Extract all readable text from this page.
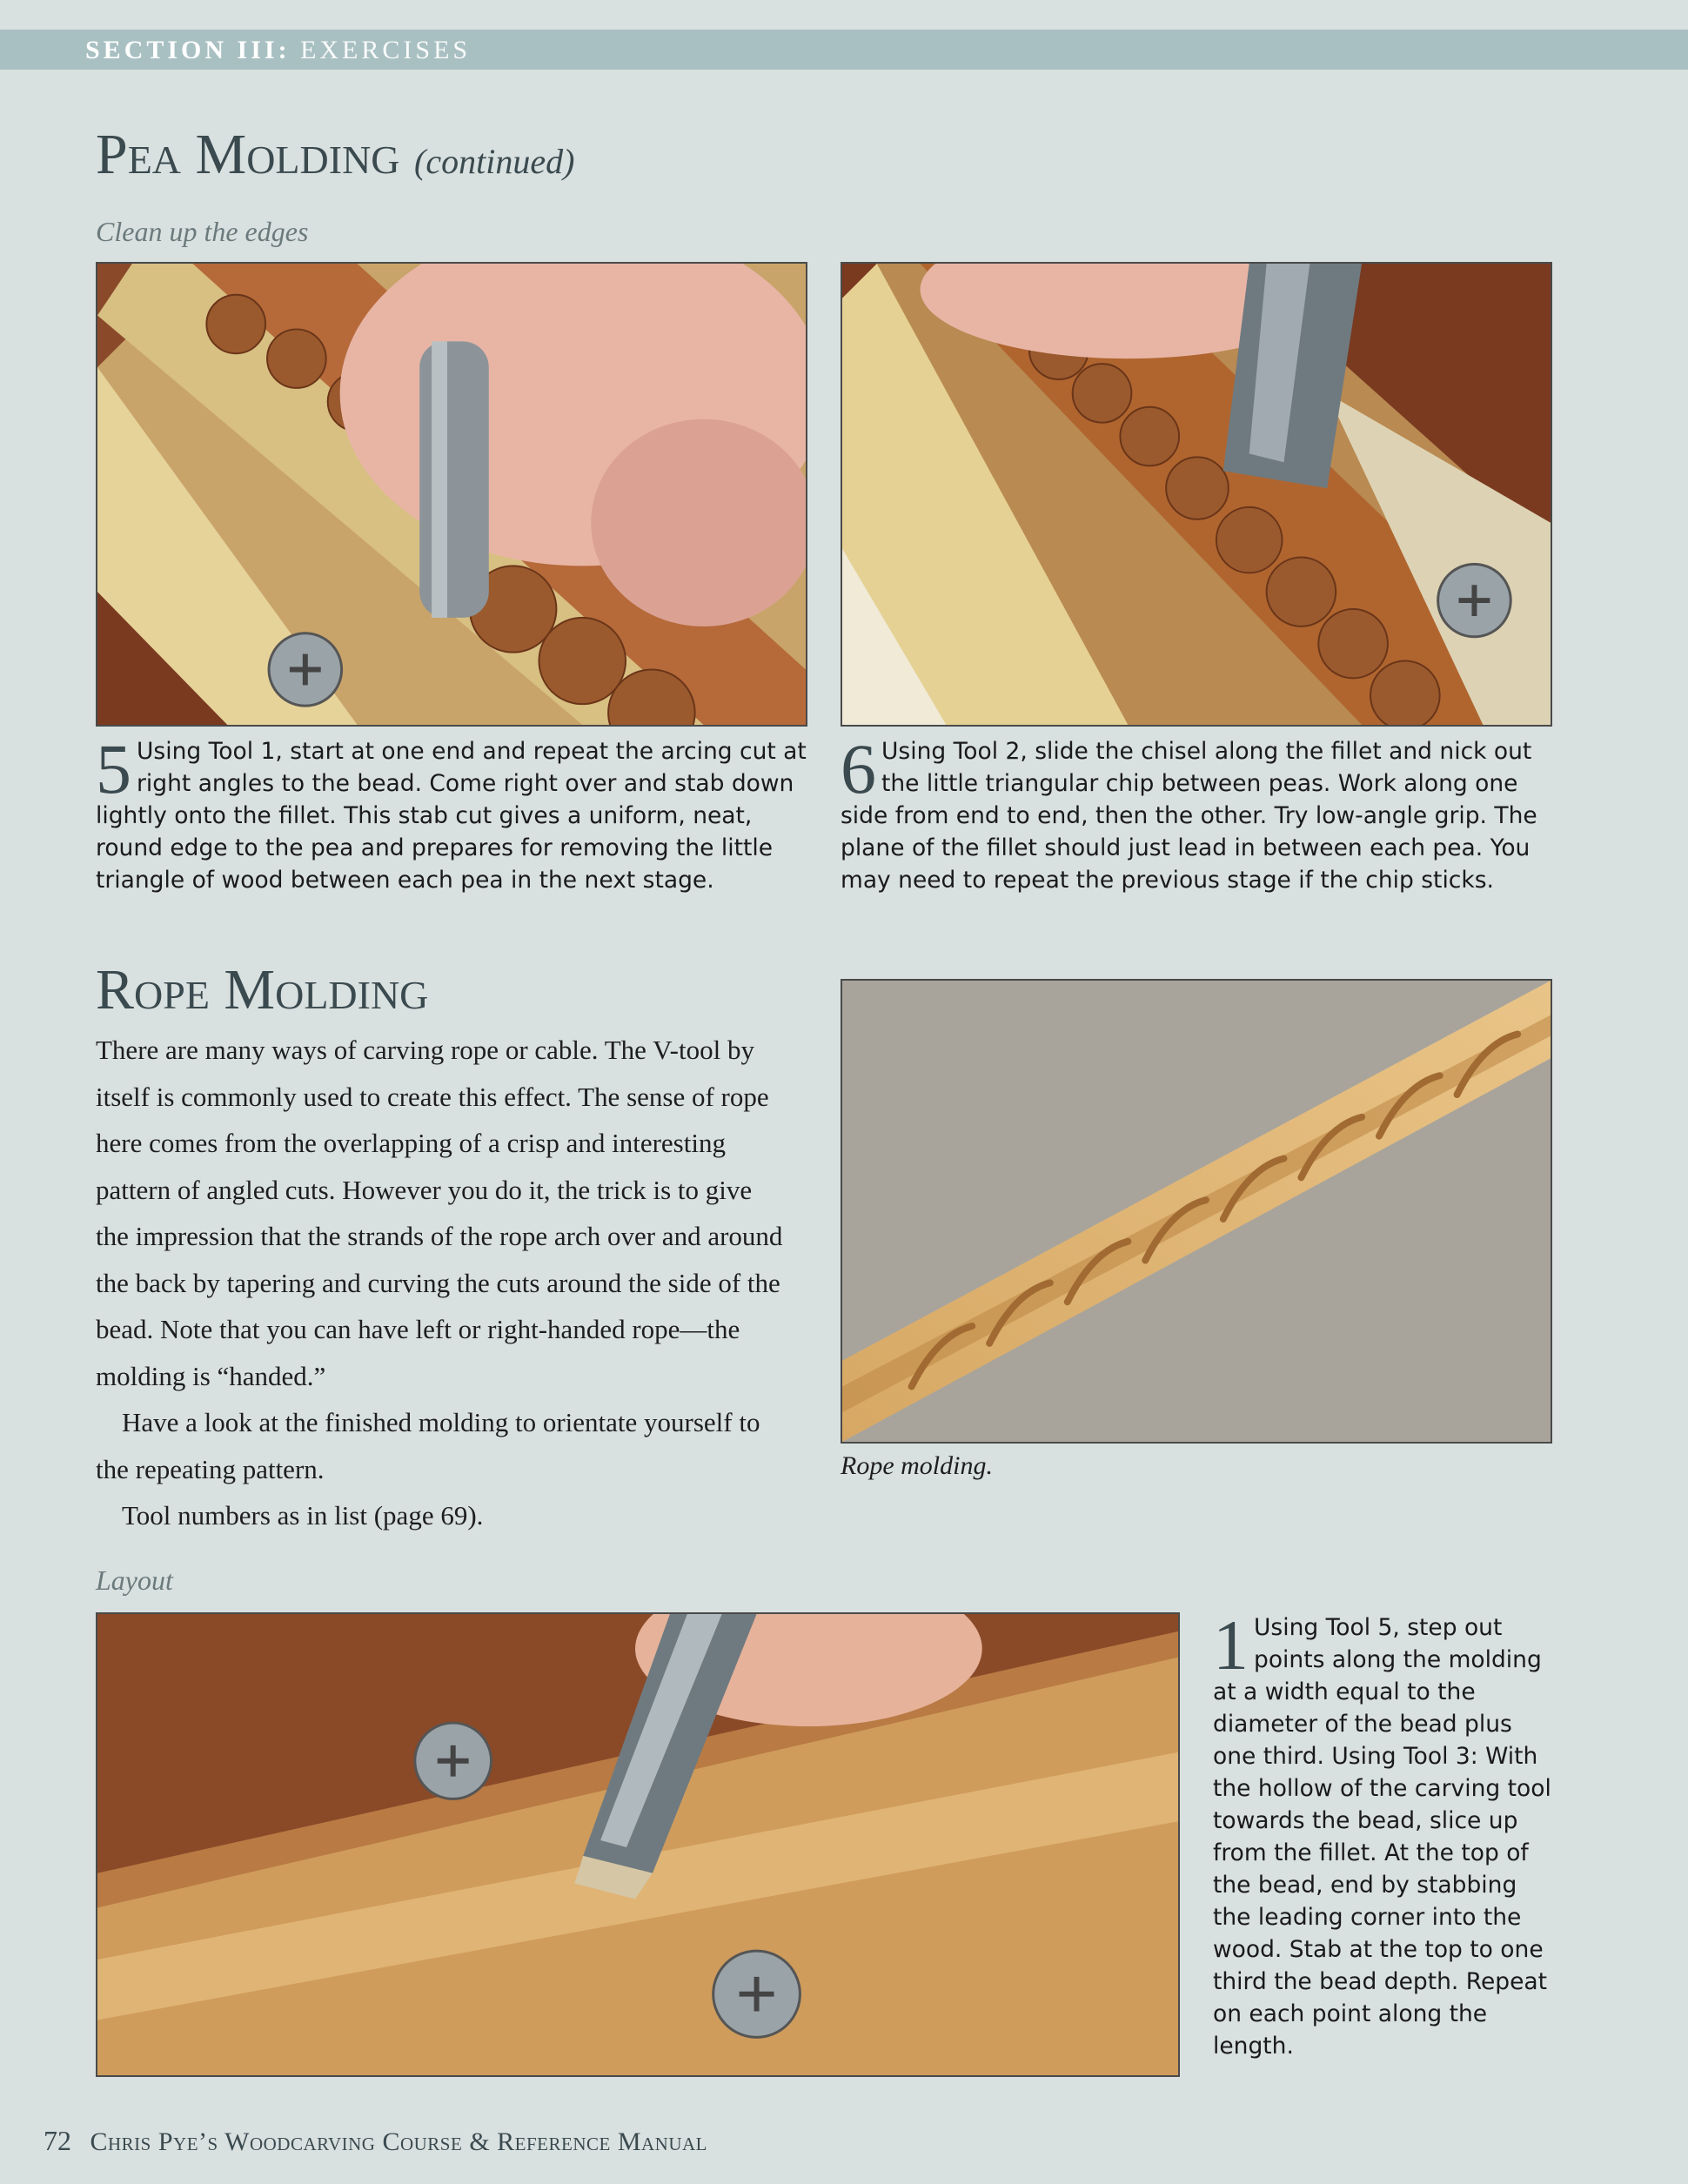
SECTION III: EXERCISES
Pea Molding (continued)
Clean up the edges
5 Using Tool 1, start at one end and repeat the arcing cut at right angles to the bead. Come right over and stab down lightly onto the fillet. This stab cut gives a uniform, neat, round edge to the pea and prepares for removing the little triangle of wood between each pea in the next stage.
6 Using Tool 2, slide the chisel along the fillet and nick out the little triangular chip between peas. Work along one side from end to end, then the other. Try low-angle grip. The plane of the fillet should just lead in between each pea. You may need to repeat the previous stage if the chip sticks.
Rope Molding

There are many ways of carving rope or cable. The V-tool by itself is commonly used to create this effect. The sense of rope here comes from the overlapping of a crisp and interesting pattern of angled cuts. However you do it, the trick is to give the impression that the strands of the rope arch over and around the back by tapering and curving the cuts around the side of the bead. Note that you can have left or right-handed rope—the molding is “handed.”

Have a look at the finished molding to orientate yourself to the repeating pattern.

Tool numbers as in list (page 69).

Rope molding.
Layout
1 Using Tool 5, step out points along the molding at a width equal to the diameter of the bead plus one third. Using Tool 3: With the hollow of the carving tool towards the bead, slice up from the fillet. At the top of the bead, end by stabbing the leading corner into the wood. Stab at the top to one third the bead depth. Repeat on each point along the length.
72 Chris Pye’s Woodcarving Course & Reference Manual
